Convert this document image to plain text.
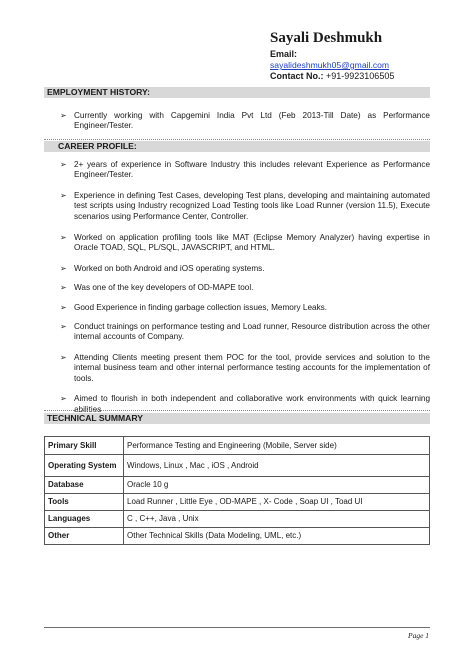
Sayali Deshmukh
Email:
sayalideshmukh05@gmail.com
Contact No.: +91-9923106505
EMPLOYMENT HISTORY:
➢ Currently working with Capgemini India Pvt Ltd (Feb 2013-Till Date) as Performance Engineer/Tester.
CAREER PROFILE:
➢ 2+ years of experience in Software Industry this includes relevant Experience as Performance Engineer/Tester.
➢ Experience in defining Test Cases, developing Test plans, developing and maintaining automated test scripts using Industry recognized Load Testing tools like Load Runner (version 11.5), Execute scenarios using Performance Center, Controller.
➢ Worked on application profiling tools like MAT (Eclipse Memory Analyzer) having expertise in Oracle TOAD, SQL, PL/SQL, JAVASCRIPT, and HTML.
➢ Worked on both Android and iOS operating systems.
➢ Was one of the key developers of OD-MAPE tool.
➢ Good Experience in finding garbage collection issues, Memory Leaks.
➢ Conduct trainings on performance testing and Load runner, Resource distribution across the other internal accounts of Company.
➢ Attending Clients meeting present them POC for the tool, provide services and solution to the internal business team and other internal performance testing accounts for the implementation of tools.
➢ Aimed to flourish in both independent and collaborative work environments with quick learning abilities
TECHNICAL SUMMARY
Primary Skill	Performance Testing and Engineering (Mobile, Server side)
Operating System	Windows, Linux , Mac , iOS , Android
Database	Oracle 10 g
Tools	Load Runner , Little Eye , OD-MAPE , X- Code , Soap UI , Toad UI
Languages	C , C++, Java , Unix
Other	Other Technical Skills (Data Modeling, UML, etc.)
Page 1
